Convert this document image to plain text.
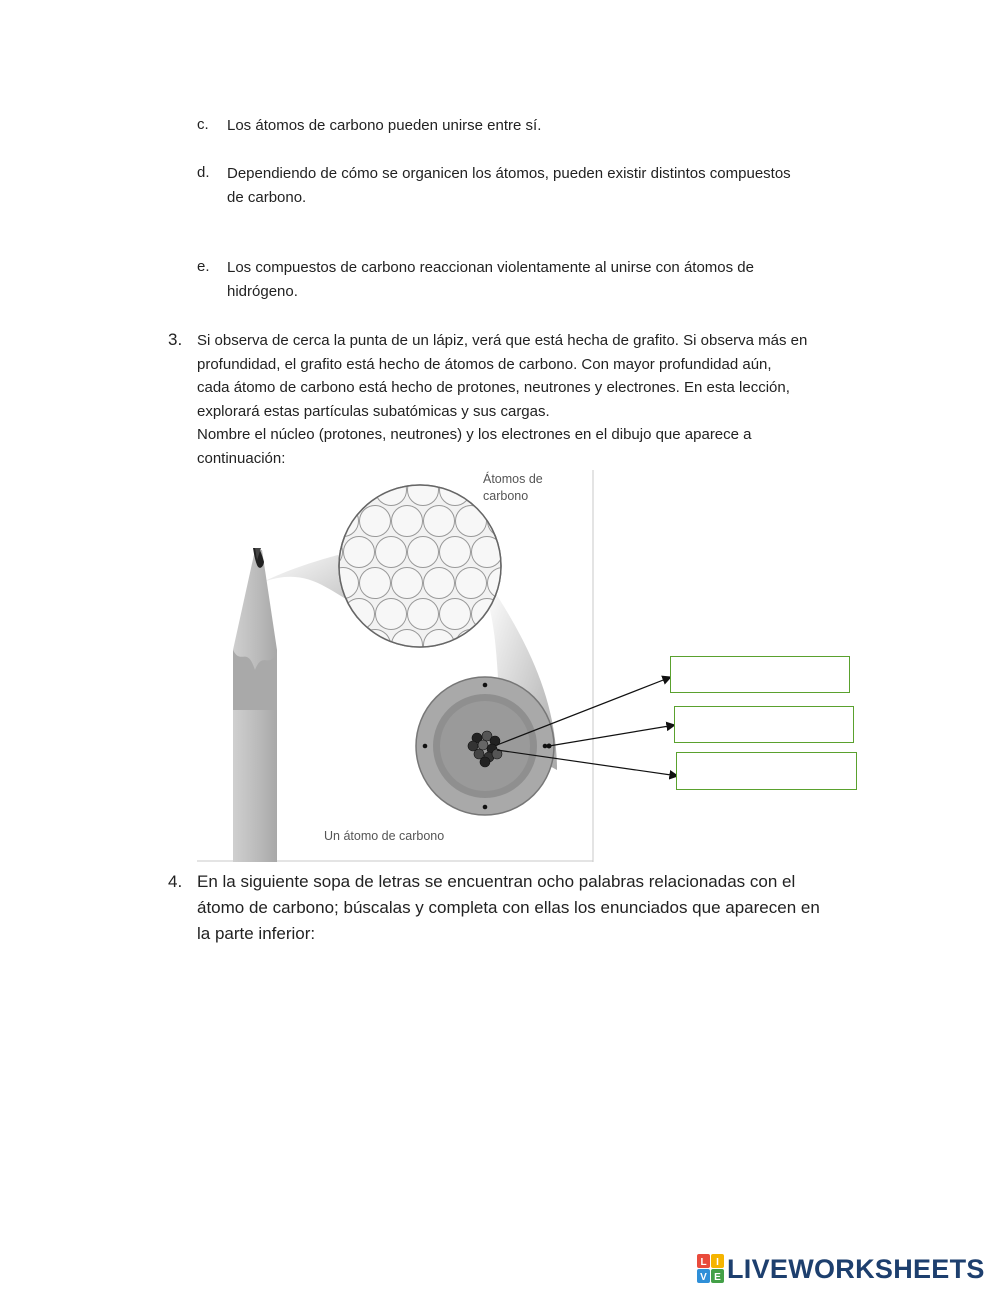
c. Los átomos de carbono pueden unirse entre sí.
d. Dependiendo de cómo se organicen los átomos, pueden existir distintos compuestos
de carbono.
e. Los compuestos de carbono reaccionan violentamente al unirse con átomos de
hidrógeno.
3. Si observa de cerca la punta de un lápiz, verá que está hecha de grafito. Si observa más en
profundidad, el grafito está hecho de átomos de carbono. Con mayor profundidad aún,
cada átomo de carbono está hecho de protones, neutrones y electrones. En esta lección,
explorará estas partículas subatómicas y sus cargas.
Nombre el núcleo (protones, neutrones) y los electrones en el dibujo que aparece a
continuación:
Átomos de
carbono
Un átomo de carbono
4. En la siguiente sopa de letras se encuentran ocho palabras relacionadas con el
átomo de carbono; búscalas y completa con ellas los enunciados que aparecen en
la parte inferior:
L I
V E LIVEWORKSHEETS
